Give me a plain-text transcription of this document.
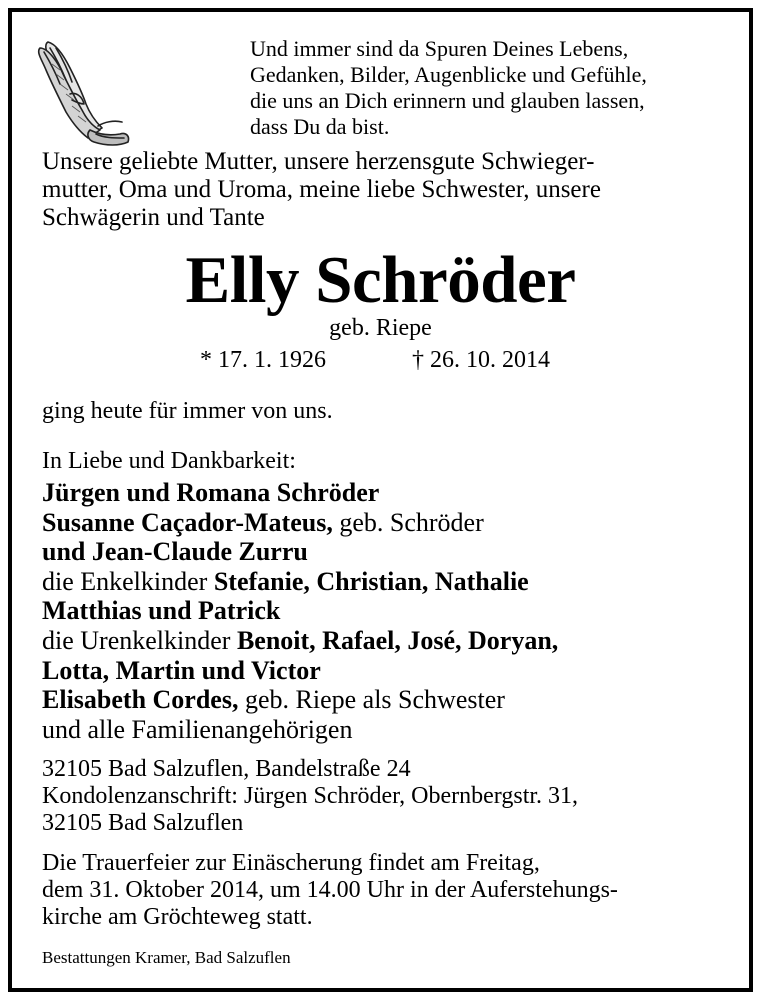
Und immer sind da Spuren Deines Lebens,
Gedanken, Bilder, Augenblicke und Gefühle,
die uns an Dich erinnern und glauben lassen,
dass Du da bist.
Unsere geliebte Mutter, unsere herzensgute Schwieger-
mutter, Oma und Uroma, meine liebe Schwester, unsere
Schwägerin und Tante
Elly Schröder
geb. Riepe
* 17. 1. 1926	† 26. 10. 2014
ging heute für immer von uns.
In Liebe und Dankbarkeit:
Jürgen und Romana Schröder
Susanne Caçador-Mateus, geb. Schröder
und Jean-Claude Zurru
die Enkelkinder Stefanie, Christian, Nathalie
Matthias und Patrick
die Urenkelkinder Benoit, Rafael, José, Doryan,
Lotta, Martin und Victor
Elisabeth Cordes, geb. Riepe als Schwester
und alle Familienangehörigen
32105 Bad Salzuflen, Bandelstraße 24
Kondolenzanschrift: Jürgen Schröder, Obernbergstr. 31,
32105 Bad Salzuflen
Die Trauerfeier zur Einäscherung findet am Freitag,
dem 31. Oktober 2014, um 14.00 Uhr in der Auferstehungs-
kirche am Gröchteweg statt.
Bestattungen Kramer, Bad Salzuflen
